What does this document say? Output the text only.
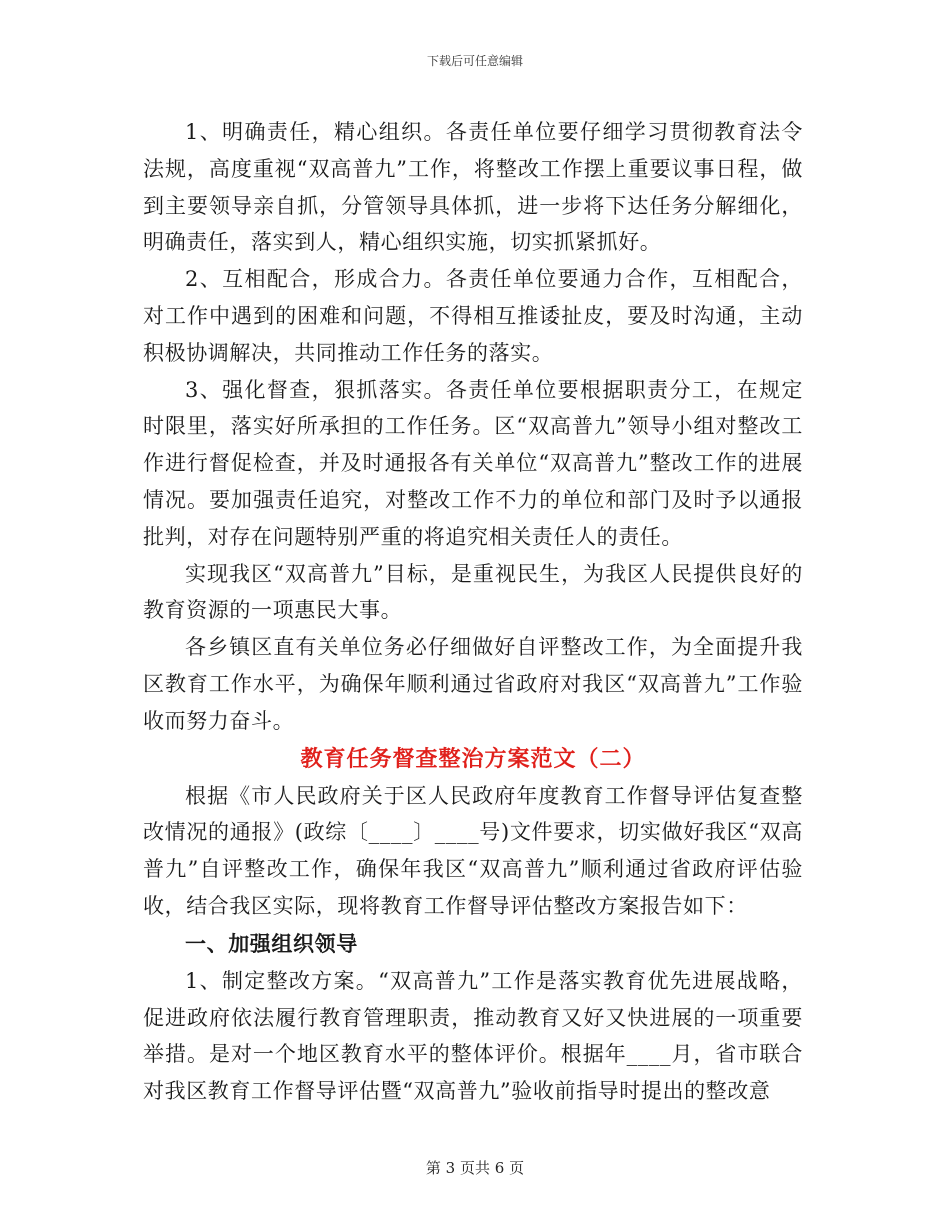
下载后可任意编辑

1、明确责任，精心组织。各责任单位要仔细学习贯彻教育法令法规，高度重视“双高普九”工作，将整改工作摆上重要议事日程，做到主要领导亲自抓，分管领导具体抓，进一步将下达任务分解细化，明确责任，落实到人，精心组织实施，切实抓紧抓好。

2、互相配合，形成合力。各责任单位要通力合作，互相配合，对工作中遇到的困难和问题，不得相互推诿扯皮，要及时沟通，主动积极协调解决，共同推动工作任务的落实。

3、强化督查，狠抓落实。各责任单位要根据职责分工，在规定时限里，落实好所承担的工作任务。区“双高普九”领导小组对整改工作进行督促检查，并及时通报各有关单位“双高普九”整改工作的进展情况。要加强责任追究，对整改工作不力的单位和部门及时予以通报批判，对存在问题特别严重的将追究相关责任人的责任。

实现我区“双高普九”目标，是重视民生，为我区人民提供良好的教育资源的一项惠民大事。

各乡镇区直有关单位务必仔细做好自评整改工作，为全面提升我区教育工作水平，为确保年顺利通过省政府对我区“双高普九”工作验收而努力奋斗。

教育任务督查整治方案范文（二）

根据《市人民政府关于区人民政府年度教育工作督导评估复查整改情况的通报》(政综〔____〕____号)文件要求，切实做好我区“双高普九”自评整改工作，确保年我区“双高普九”顺利通过省政府评估验收，结合我区实际，现将教育工作督导评估整改方案报告如下：

一、加强组织领导

1、制定整改方案。“双高普九”工作是落实教育优先进展战略，促进政府依法履行教育管理职责，推动教育又好又快进展的一项重要举措。是对一个地区教育水平的整体评价。根据年____月，省市联合对我区教育工作督导评估暨“双高普九”验收前指导时提出的整改意

第 3 页共 6 页
